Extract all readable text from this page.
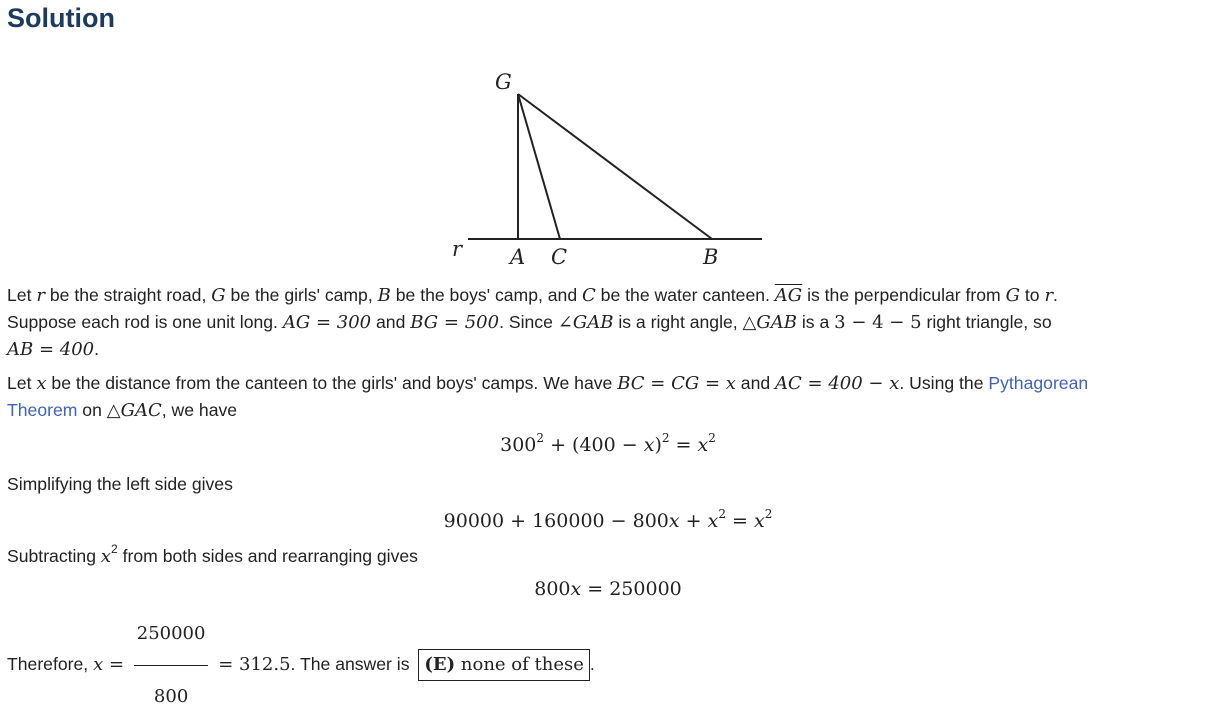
Solution
G
r A C	B

Let r be the straight road, G be the girls' camp, B be the boys' camp, and C be the water canteen. $\overline{AG}$ is the perpendicular from G to r.
Suppose each rod is one unit long. AG = 300 and BG = 500. Since ∠GAB is a right angle, △GAB is a 3 − 4 − 5 right triangle, so
AB = 400.

Let x be the distance from the canteen to the girls' and boys' camps. We have BC = CG = x and AC = 400 − x. Using the Pythagorean
Theorem on △GAC, we have

$300^2 + (400 - x)^2 = x^2$

Simplifying the left side gives

$90000 + 160000 - 800x + x^2 = x^2$

Subtracting $x^2$ from both sides and rearranging gives

800x = 250000

Therefore, $x = \frac{250000}{800} = 312.5$. The answer is (E) none of these .
